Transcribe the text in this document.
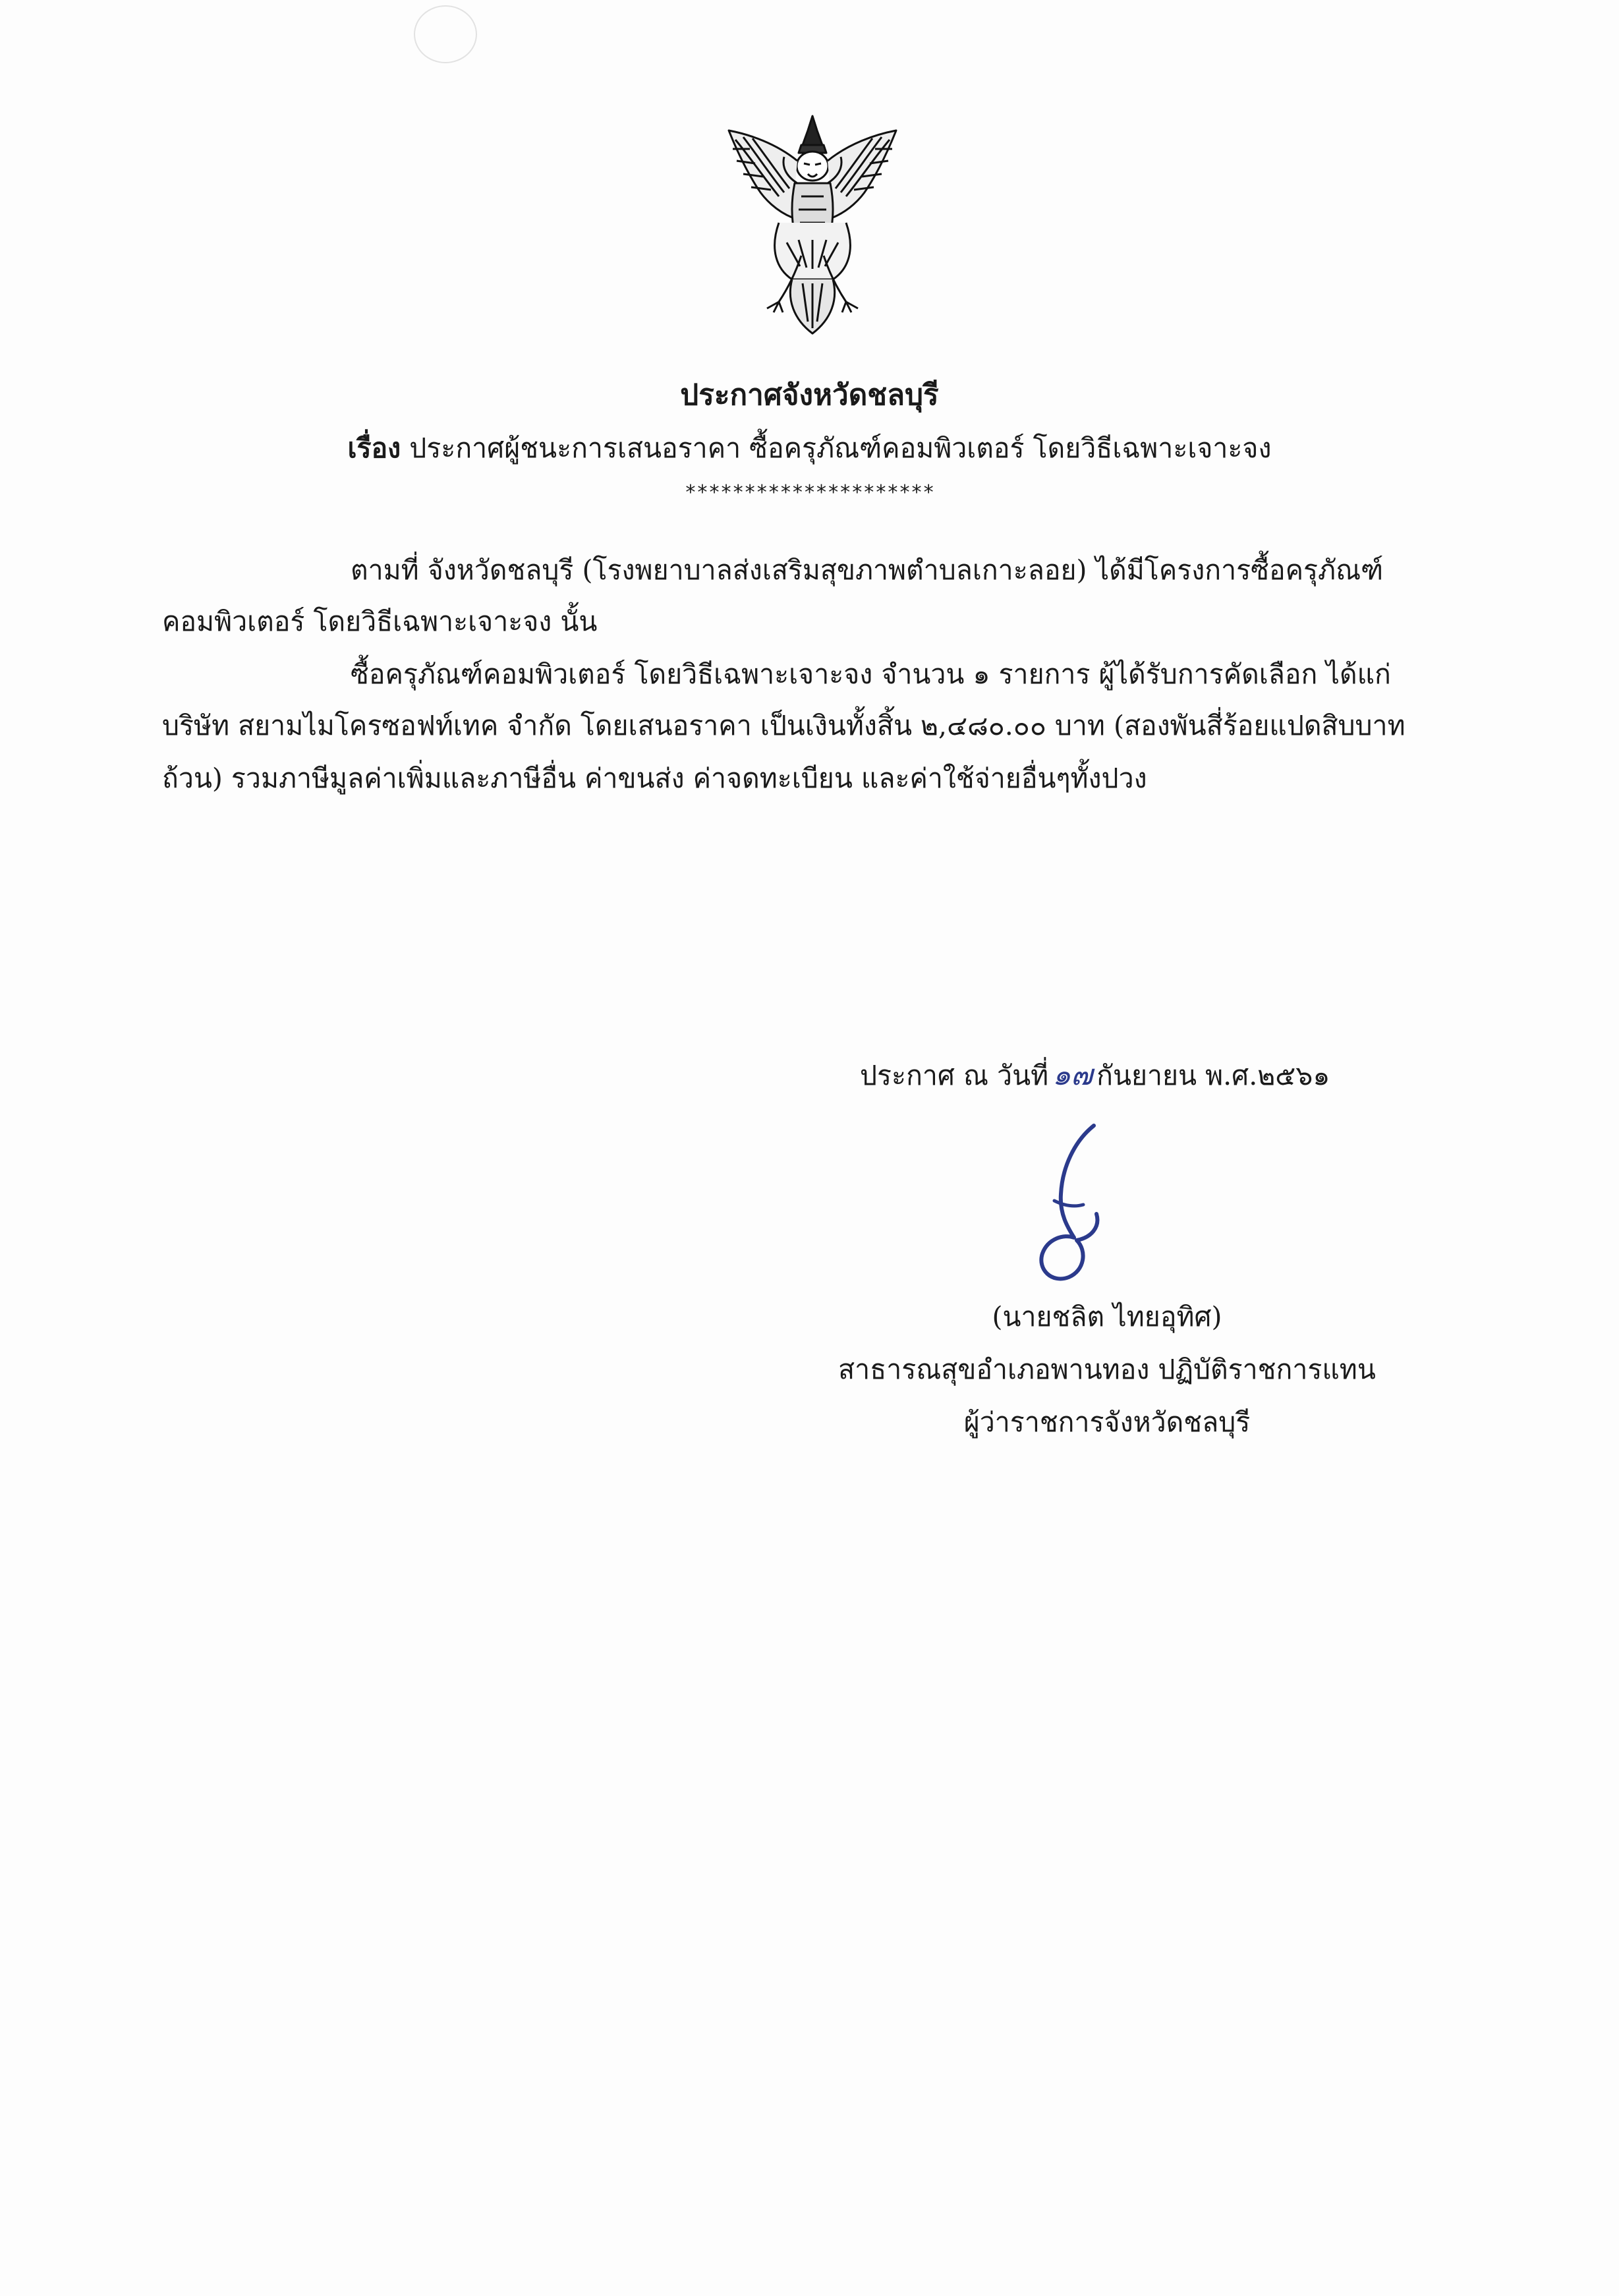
ประกาศจังหวัดชลบุรี
เรื่อง ประกาศผู้ชนะการเสนอราคา ซื้อครุภัณฑ์คอมพิวเตอร์ โดยวิธีเฉพาะเจาะจง
*********************
ตามที่ จังหวัดชลบุรี (โรงพยาบาลส่งเสริมสุขภาพตำบลเกาะลอย) ได้มีโครงการซื้อครุภัณฑ์
คอมพิวเตอร์ โดยวิธีเฉพาะเจาะจง นั้น
ซื้อครุภัณฑ์คอมพิวเตอร์ โดยวิธีเฉพาะเจาะจง จำนวน ๑ รายการ ผู้ได้รับการคัดเลือก ได้แก่
บริษัท สยามไมโครซอฟท์เทค จำกัด โดยเสนอราคา เป็นเงินทั้งสิ้น ๒,๔๘๐.๐๐ บาท (สองพันสี่ร้อยแปดสิบบาท
ถ้วน) รวมภาษีมูลค่าเพิ่มและภาษีอื่น ค่าขนส่ง ค่าจดทะเบียน และค่าใช้จ่ายอื่นๆทั้งปวง
ประกาศ ณ วันที่ ๑๗ กันยายน พ.ศ.๒๕๖๑
(นายชลิต ไทยอุทิศ)
สาธารณสุขอำเภอพานทอง ปฏิบัติราชการแทน
ผู้ว่าราชการจังหวัดชลบุรี
